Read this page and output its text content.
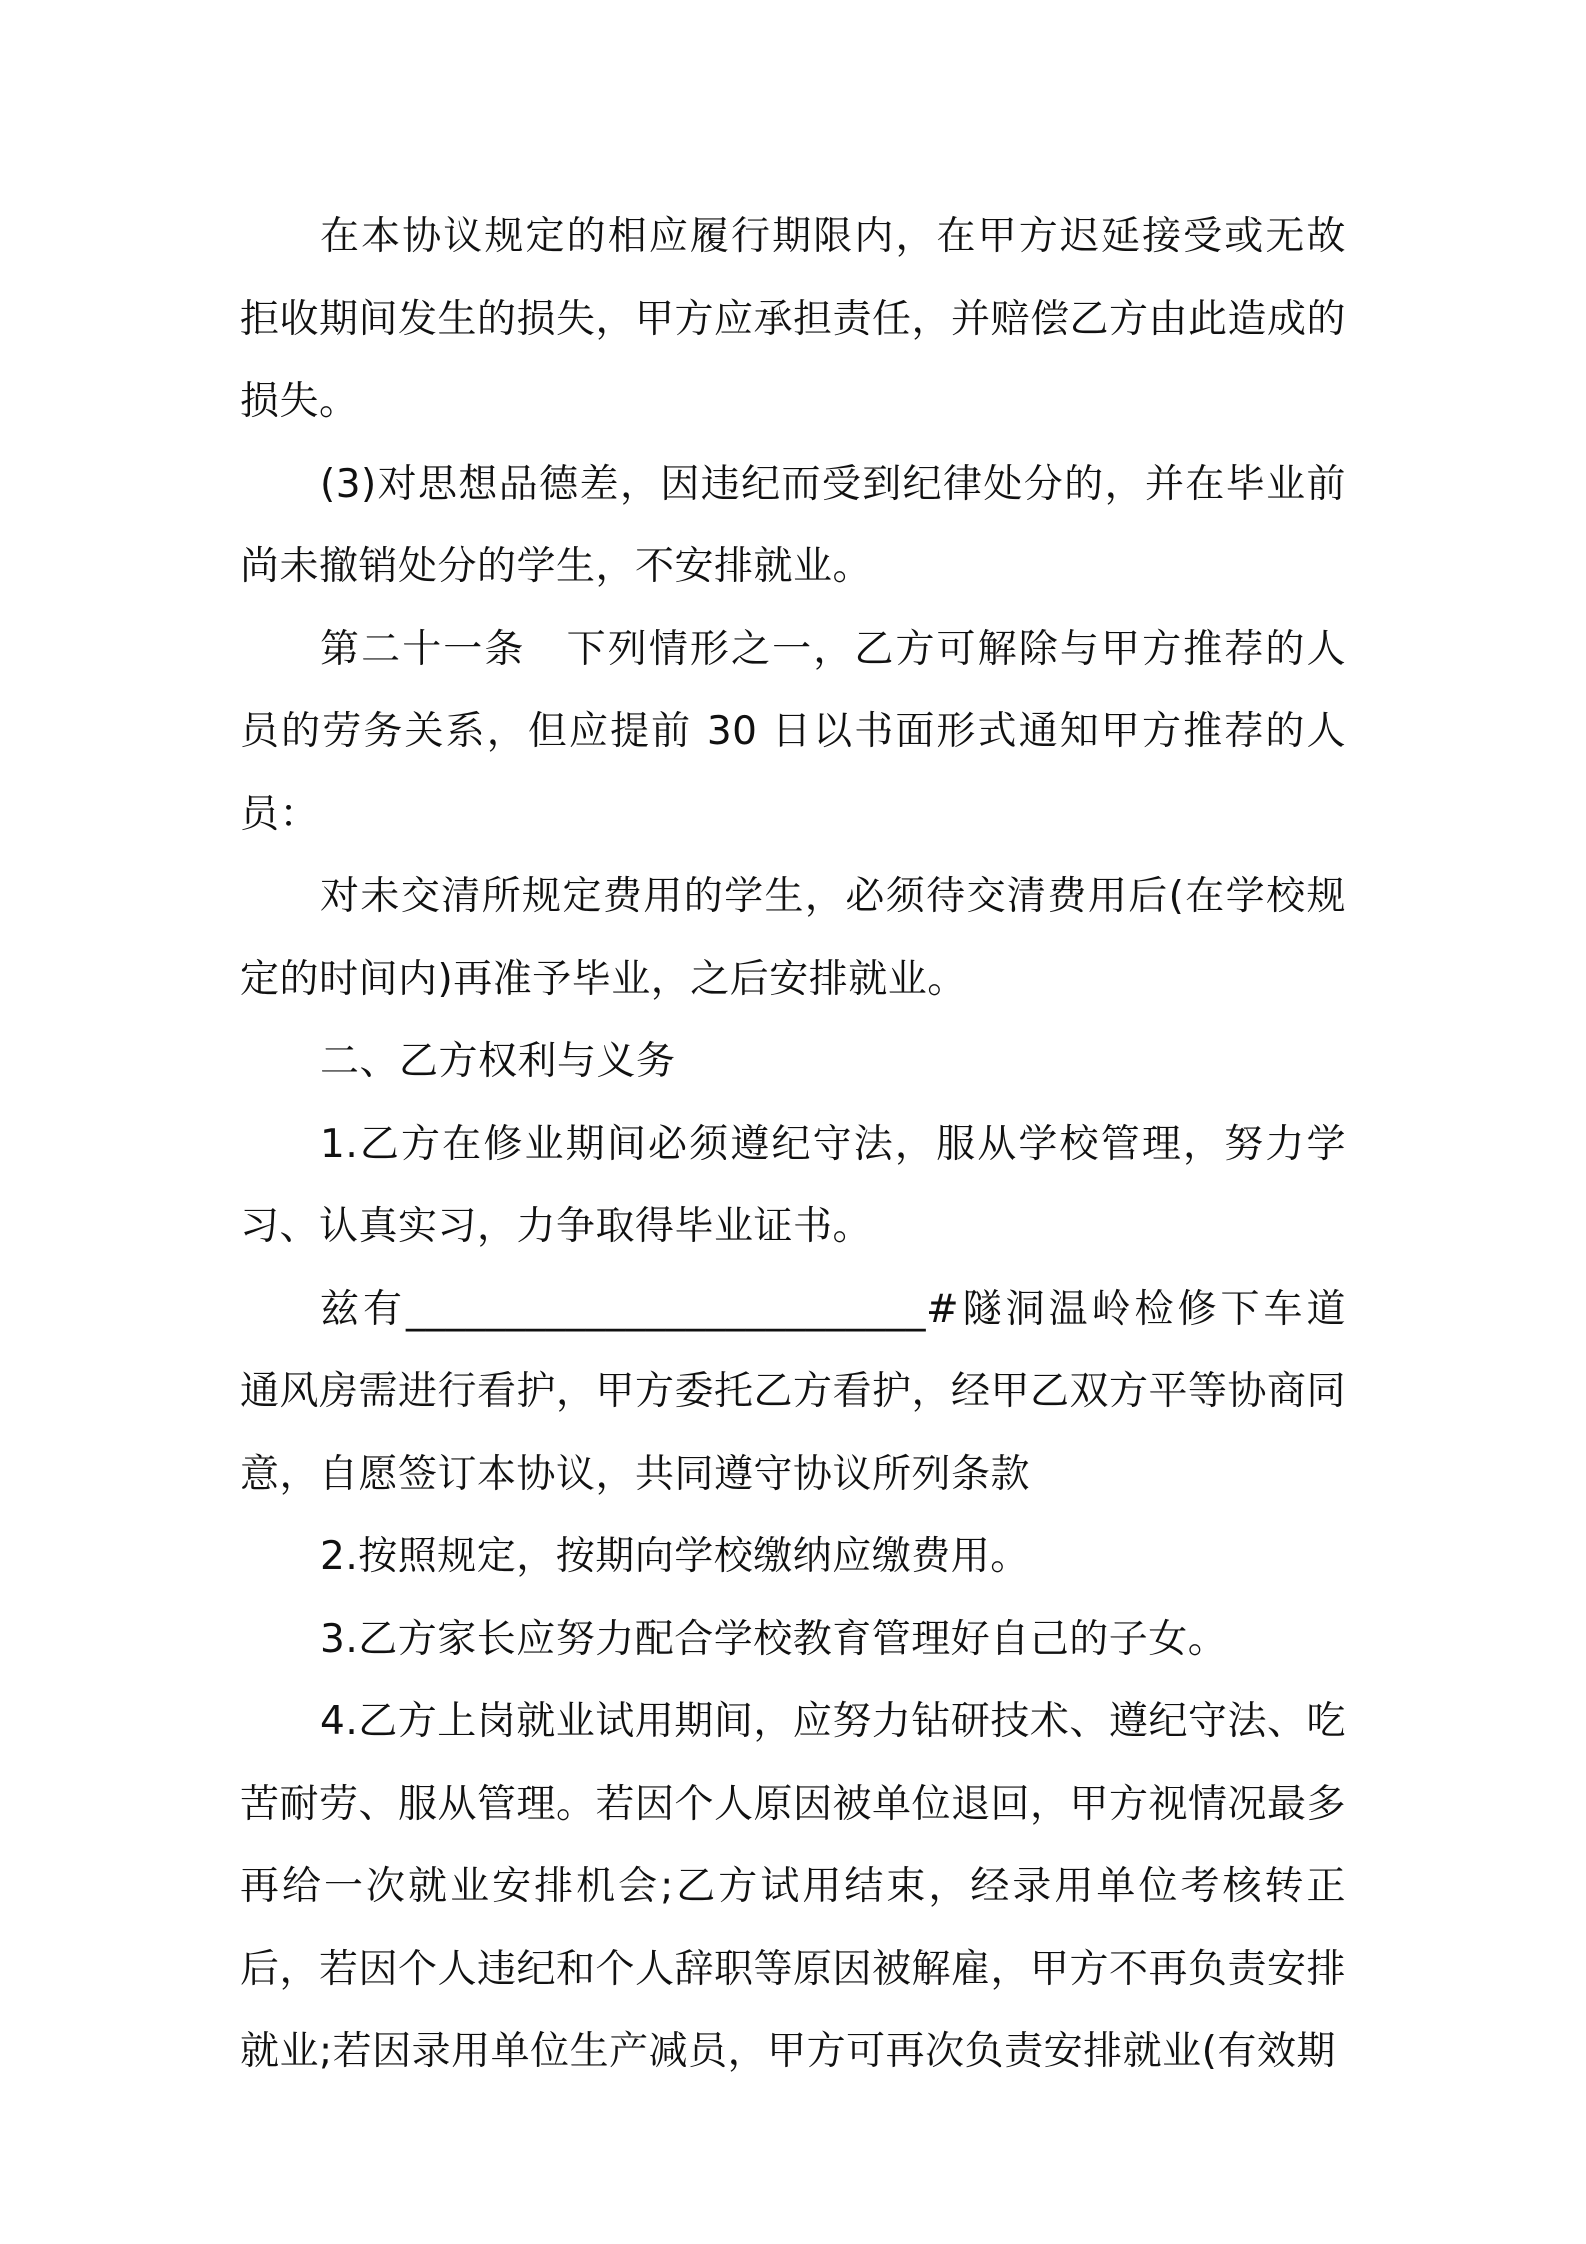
在本协议规定的相应履行期限内，在甲方迟延接受或无故拒收期间发生的损失，甲方应承担责任，并赔偿乙方由此造成的损失。

(3)对思想品德差，因违纪而受到纪律处分的，并在毕业前尚未撤销处分的学生，不安排就业。

第二十一条　下列情形之一，乙方可解除与甲方推荐的人员的劳务关系，但应提前 30 日以书面形式通知甲方推荐的人员：

对未交清所规定费用的学生，必须待交清费用后(在学校规定的时间内)再准予毕业，之后安排就业。

二、乙方权利与义务

1.乙方在修业期间必须遵纪守法，服从学校管理，努力学习、认真实习，力争取得毕业证书。

兹有__________________________#隧洞温岭检修下车道通风房需进行看护，甲方委托乙方看护，经甲乙双方平等协商同意，自愿签订本协议，共同遵守协议所列条款

2.按照规定，按期向学校缴纳应缴费用。

3.乙方家长应努力配合学校教育管理好自己的子女。

4.乙方上岗就业试用期间，应努力钻研技术、遵纪守法、吃苦耐劳、服从管理。若因个人原因被单位退回，甲方视情况最多再给一次就业安排机会;乙方试用结束，经录用单位考核转正后，若因个人违纪和个人辞职等原因被解雇，甲方不再负责安排就业;若因录用单位生产减员，甲方可再次负责安排就业(有效期
